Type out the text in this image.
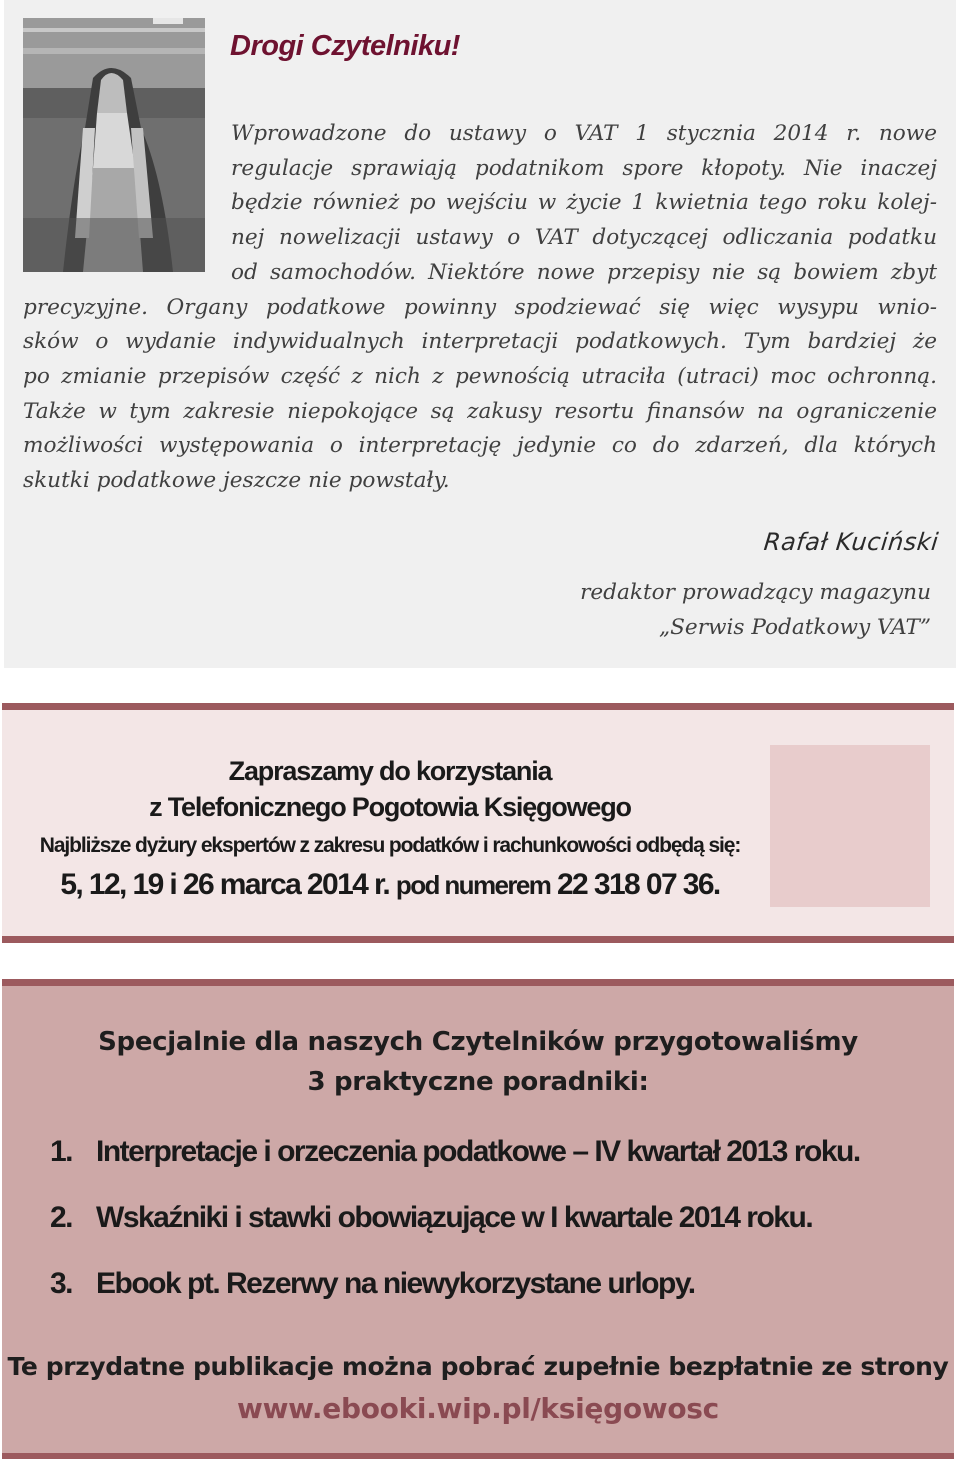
Drogi Czytelniku!
Wprowadzone do ustawy o VAT 1 stycznia 2014 r. nowe
regulacje sprawiają podatnikom spore kłopoty. Nie inaczej
będzie również po wejściu w życie 1 kwietnia tego roku kolej-
nej nowelizacji ustawy o VAT dotyczącej odliczania podatku
od samochodów. Niektóre nowe przepisy nie są bowiem zbyt
precyzyjne. Organy podatkowe powinny spodziewać się więc wysypu wnio-
sków o wydanie indywidualnych interpretacji podatkowych. Tym bardziej że
po zmianie przepisów część z nich z pewnością utraciła (utraci) moc ochronną.
Także w tym zakresie niepokojące są zakusy resortu finansów na ograniczenie
możliwości występowania o interpretację jedynie co do zdarzeń, dla których
skutki podatkowe jeszcze nie powstały.
Rafał Kuciński
redaktor prowadzący magazynu
„Serwis Podatkowy VAT”
Zapraszamy do korzystania
z Telefonicznego Pogotowia Księgowego
Najbliższe dyżury ekspertów z zakresu podatków i rachunkowości odbędą się:
5, 12, 19 i 26 marca 2014 r. pod numerem 22 318 07 36.
Specjalnie dla naszych Czytelników przygotowaliśmy
3 praktyczne poradniki:
1. Interpretacje i orzeczenia podatkowe – IV kwartał 2013 roku.
2. Wskaźniki i stawki obowiązujące w I kwartale 2014 roku.
3. Ebook pt. Rezerwy na niewykorzystane urlopy.
Te przydatne publikacje można pobrać zupełnie bezpłatnie ze strony
www.ebooki.wip.pl/księgowosc
